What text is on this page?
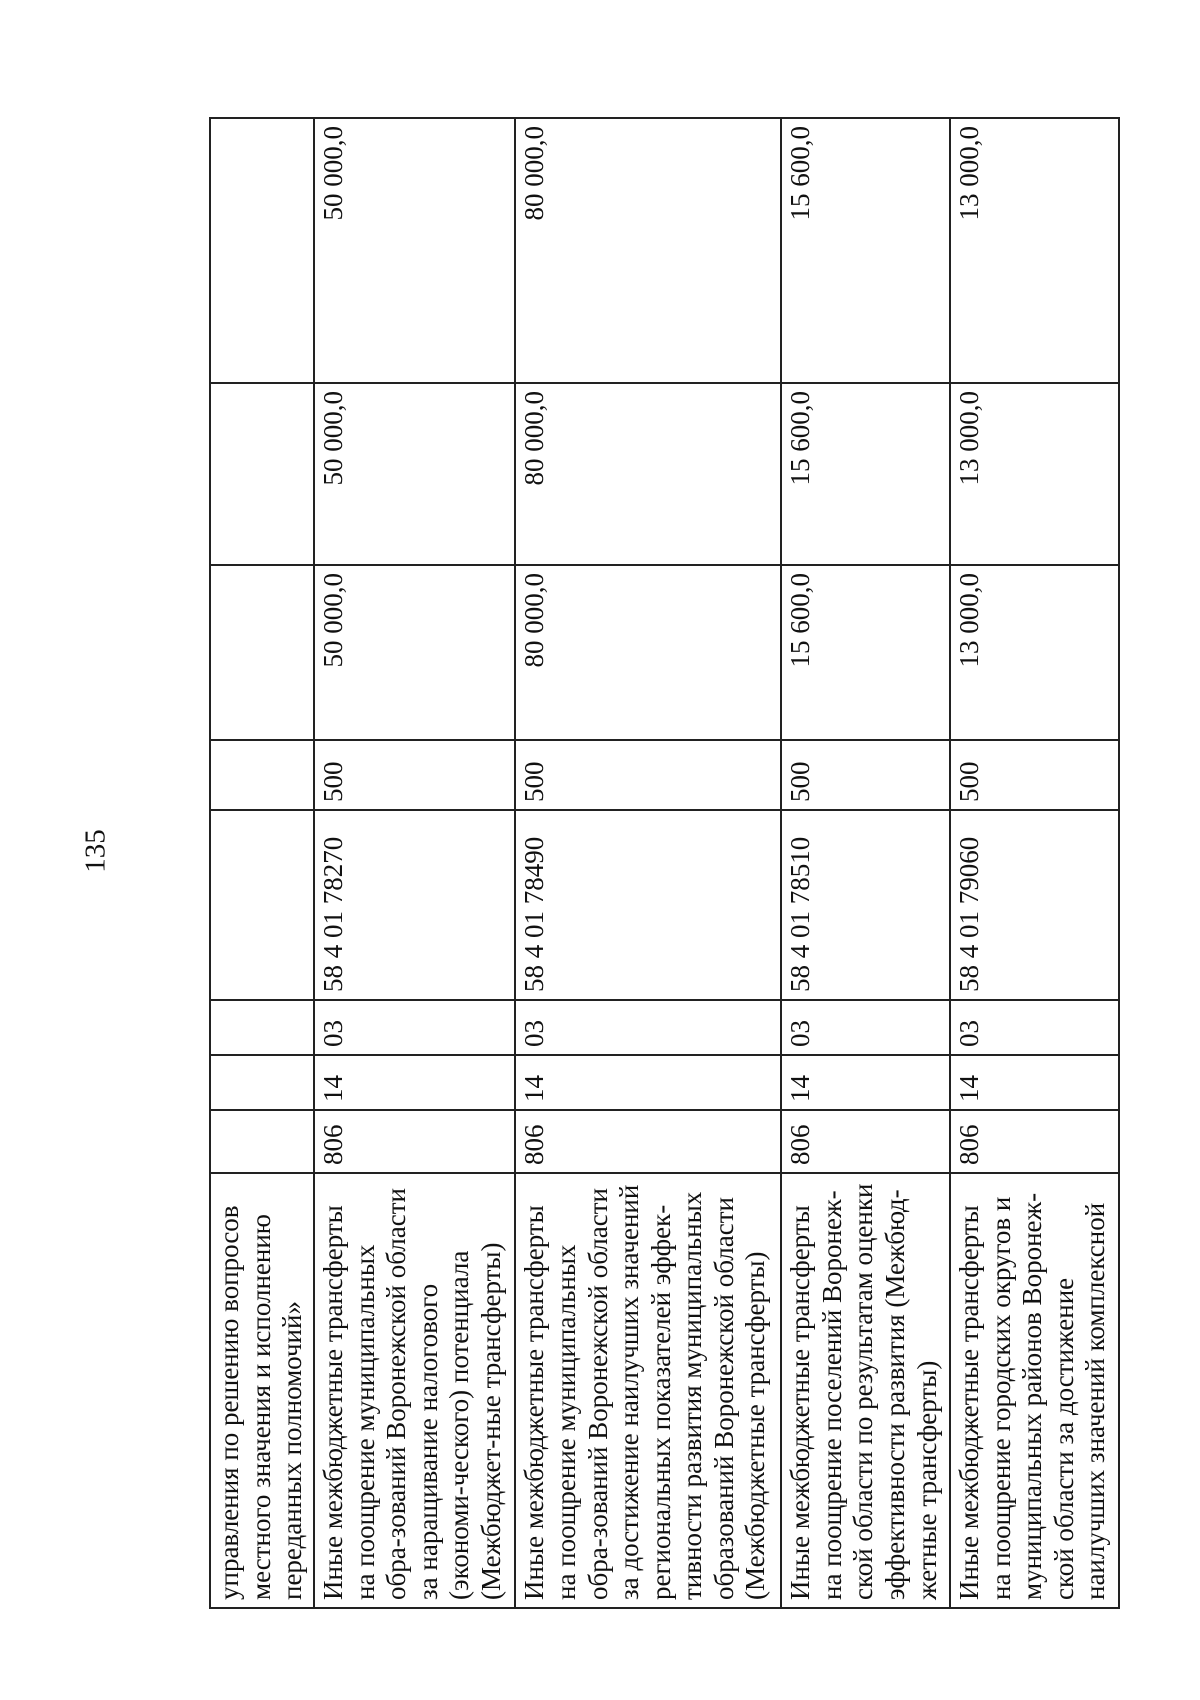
135
управления по решению вопросов местного значения и исполнению переданных полномочий»								
Иные межбюджетные трансферты на поощрение муниципальных обра-зований Воронежской области за наращивание налогового (экономи-ческого) потенциала (Межбюджет-ные трансферты)	806	14	03	58 4 01 78270	500	50 000,0	50 000,0	50 000,0
Иные межбюджетные трансферты на поощрение муниципальных обра-зований Воронежской области за достижение наилучших значений региональных показателей эффек-тивности развития муниципальных образований Воронежской области (Межбюджетные трансферты)	806	14	03	58 4 01 78490	500	80 000,0	80 000,0	80 000,0
Иные межбюджетные трансферты на поощрение поселений Воронеж-ской области по результатам оценки эффективности развития (Межбюд-жетные трансферты)	806	14	03	58 4 01 78510	500	15 600,0	15 600,0	15 600,0
Иные межбюджетные трансферты на поощрение городских округов и муниципальных районов Воронеж-ской области за достижение наилучших значений комплексной	806	14	03	58 4 01 79060	500	13 000,0	13 000,0	13 000,0
